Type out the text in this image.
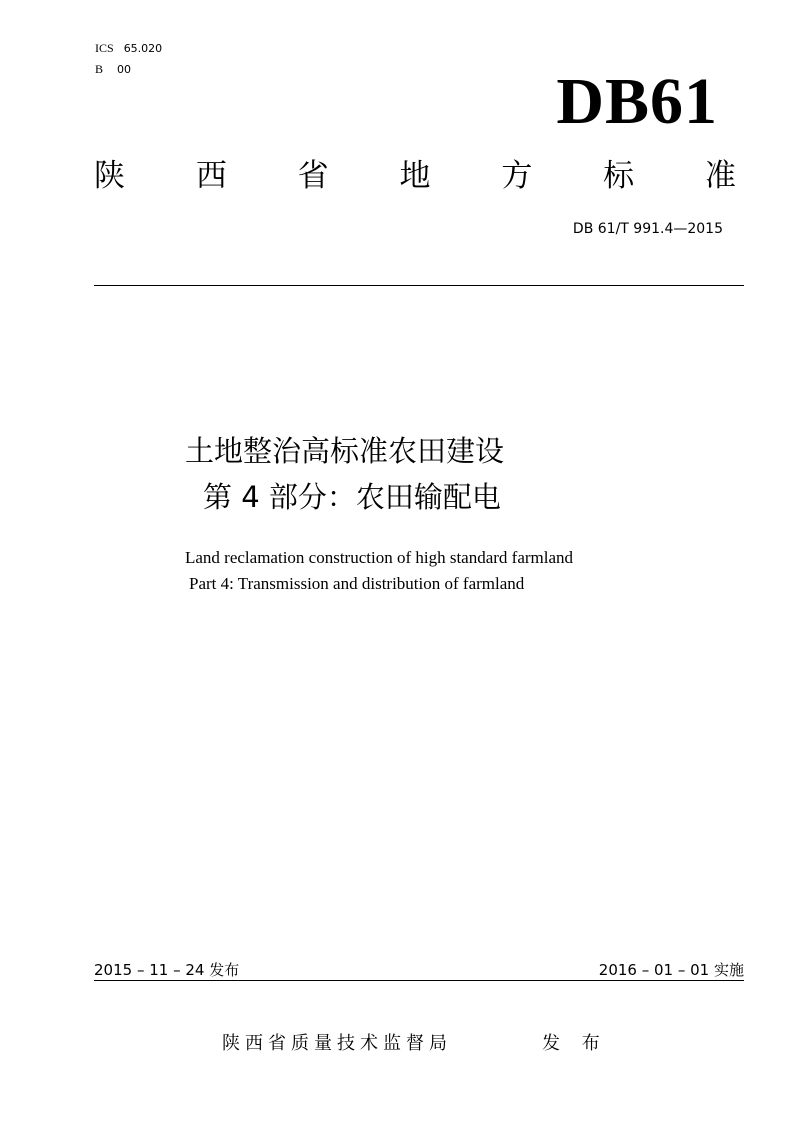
ICS 65.020
B 00	DB61
陕 西 省 地 方 标 准
DB 61/T 991.4—2015
土地整治高标准农田建设
第 4 部分：农田输配电
Land reclamation construction of high standard farmland
Part 4: Transmission and distribution of farmland
2015 – 11 – 24 发布	2016 – 01 – 01 实施
陕西省质量技术监督局	发 布
